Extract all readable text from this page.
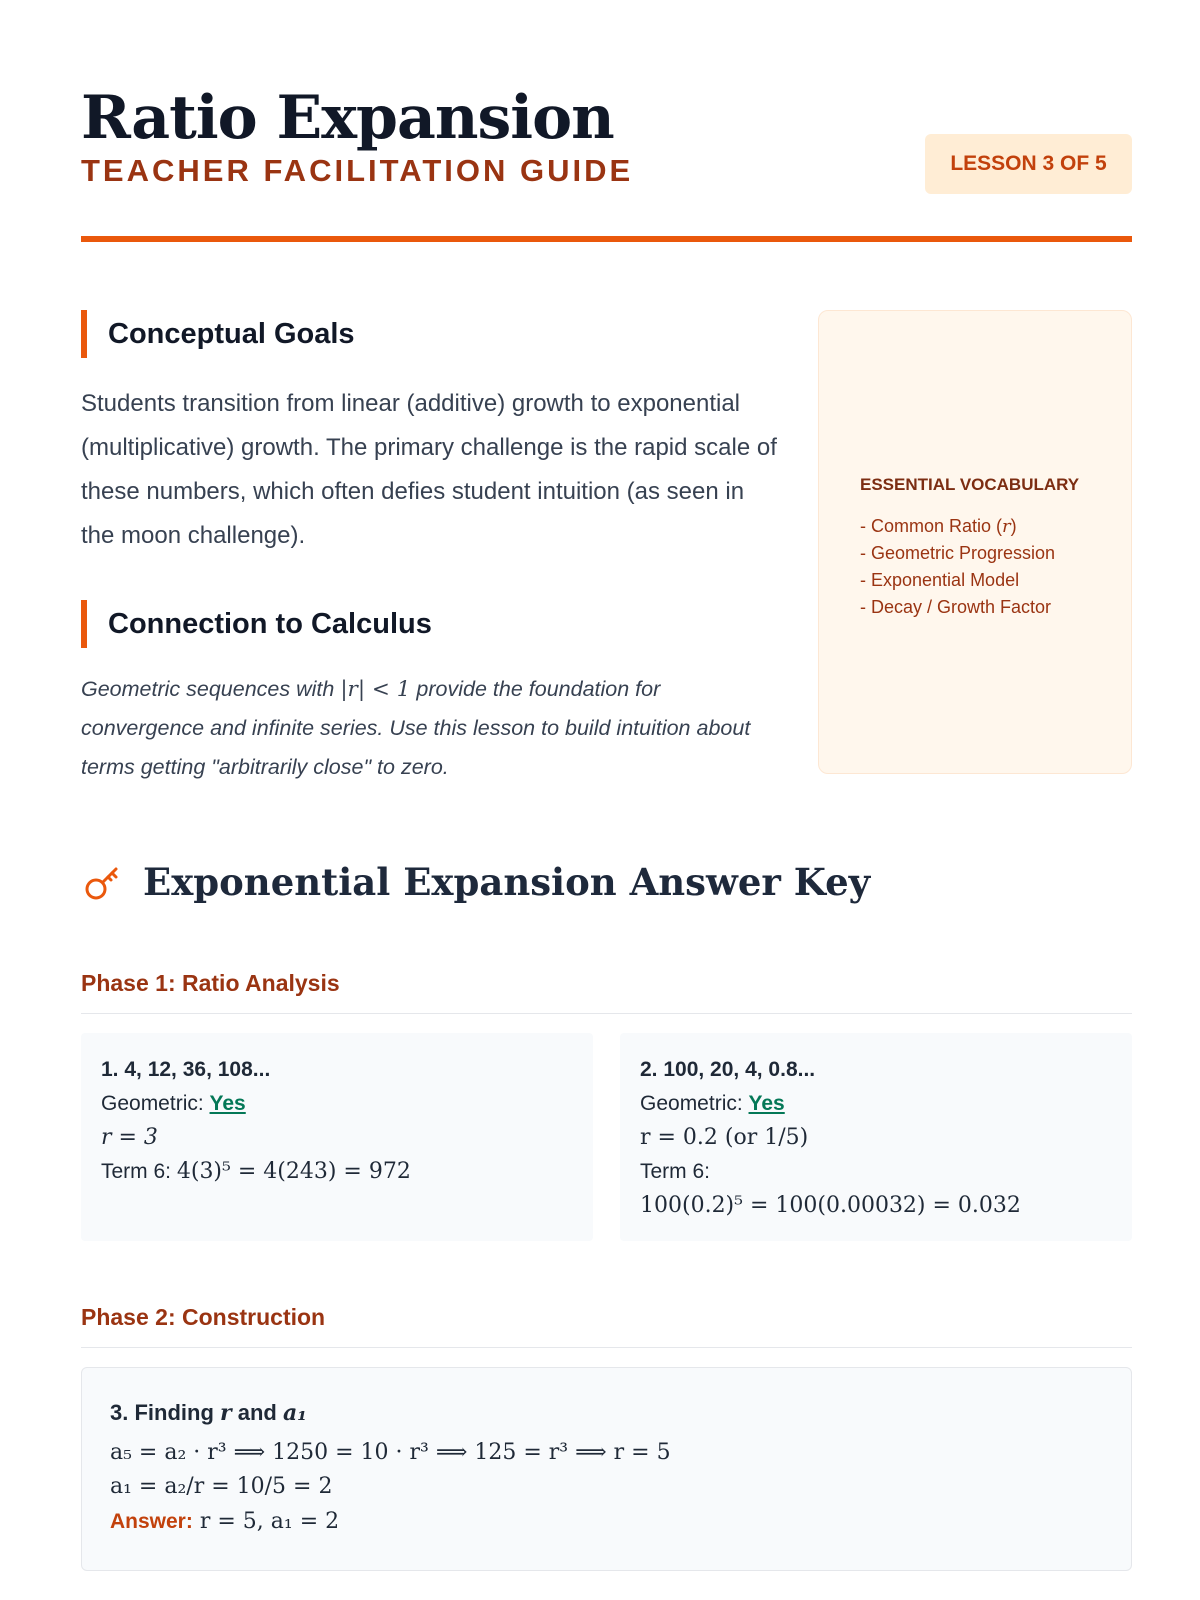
Ratio Expansion
TEACHER FACILITATION GUIDE	LESSON 3 OF 5
Conceptual Goals

Students transition from linear (additive) growth to exponential (multiplicative) growth. The primary challenge is the rapid scale of these numbers, which often defies student intuition (as seen in the moon challenge).

Connection to Calculus

Geometric sequences with |r| < 1 provide the foundation for convergence and infinite series. Use this lesson to build intuition about terms getting "arbitrarily close" to zero.

ESSENTIAL VOCABULARY
- Common Ratio (r)
- Geometric Progression
- Exponential Model
- Decay / Growth Factor
Exponential Expansion Answer Key
Phase 1: Ratio Analysis
1. 4, 12, 36, 108...
Geometric: Yes
r = 3
Term 6: 4(3)⁵ = 4(243) = 972
2. 100, 20, 4, 0.8...
Geometric: Yes
r = 0.2 (or 1/5)
Term 6:
100(0.2)⁵ = 100(0.00032) = 0.032
Phase 2: Construction
3. Finding r and a₁
a₅ = a₂ · r³ ⟹ 1250 = 10 · r³ ⟹ 125 = r³ ⟹ r = 5
a₁ = a₂/r = 10/5 = 2
Answer: r = 5, a₁ = 2
